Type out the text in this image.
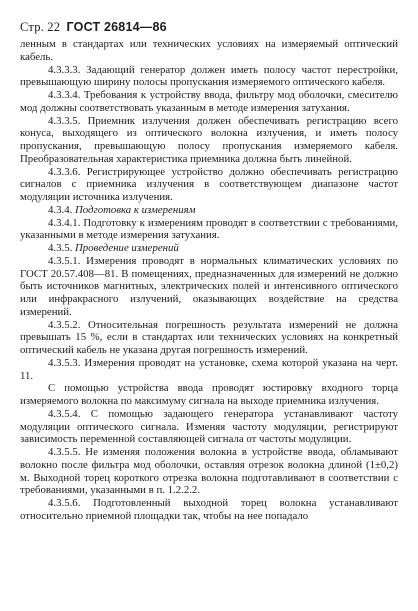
Стр. 22 ГОСТ 26814—86

ленным в стандартах или технических условиях на измеряемый оптический кабель.

4.3.3.3. Задающий генератор должен иметь полосу частот перестройки, превышающую ширину полосы пропускания измеряемого оптического кабеля.

4.3.3.4. Требования к устройству ввода, фильтру мод оболочки, смесителю мод должны соответствовать указанным в методе измерения затухания.

4.3.3.5. Приемник излучения должен обеспечивать регистрацию всего конуса, выходящего из оптического волокна излучения, и иметь полосу пропускания, превышающую полосу пропускания измеряемого кабеля. Преобразовательная характеристика приемника должна быть линейной.

4.3.3.6. Регистрирующее устройство должно обеспечивать регистрацию сигналов с приемника излучения в соответствующем диапазоне частот модуляции источника излучения.

4.3.4. Подготовка к измерениям

4.3.4.1. Подготовку к измерениям проводят в соответствии с требованиями, указанными в методе измерения затухания.

4.3.5. Проведение измерений

4.3.5.1. Измерения проводят в нормальных климатических условиях по ГОСТ 20.57.408—81. В помещениях, предназначенных для измерений не должно быть источников магнитных, электрических полей и интенсивного оптического или инфракрасного излучений, оказывающих воздействие на средства измерений.

4.3.5.2. Относительная погрешность результата измерений не должна превышать 15 %, если в стандартах или технических условиях на конкретный оптический кабель не указана другая погрешность измерений.

4.3.5.3. Измерения проводят на установке, схема которой указана на черт. 11.

С помощью устройства ввода проводят юстировку входного торца измеряемого волокна по максимуму сигнала на выходе приемника излучения.

4.3.5.4. С помощью задающего генератора устанавливают частоту модуляции оптического сигнала. Изменяя частоту модуляции, регистрируют зависимость переменной составляющей сигнала от частоты модуляции.

4.3.5.5. Не изменяя положения волокна в устройстве ввода, обламывают волокно после фильтра мод оболочки, оставляя отрезок волокна длиной (1±0,2) м. Выходной торец короткого отрезка волокна подготавливают в соответствии с требованиями, указанными в п. 1.2.2.2.

4.3.5.6. Подготовленный выходной торец волокна устанавливают относительно приемной площадки так, чтобы на нее попадало
